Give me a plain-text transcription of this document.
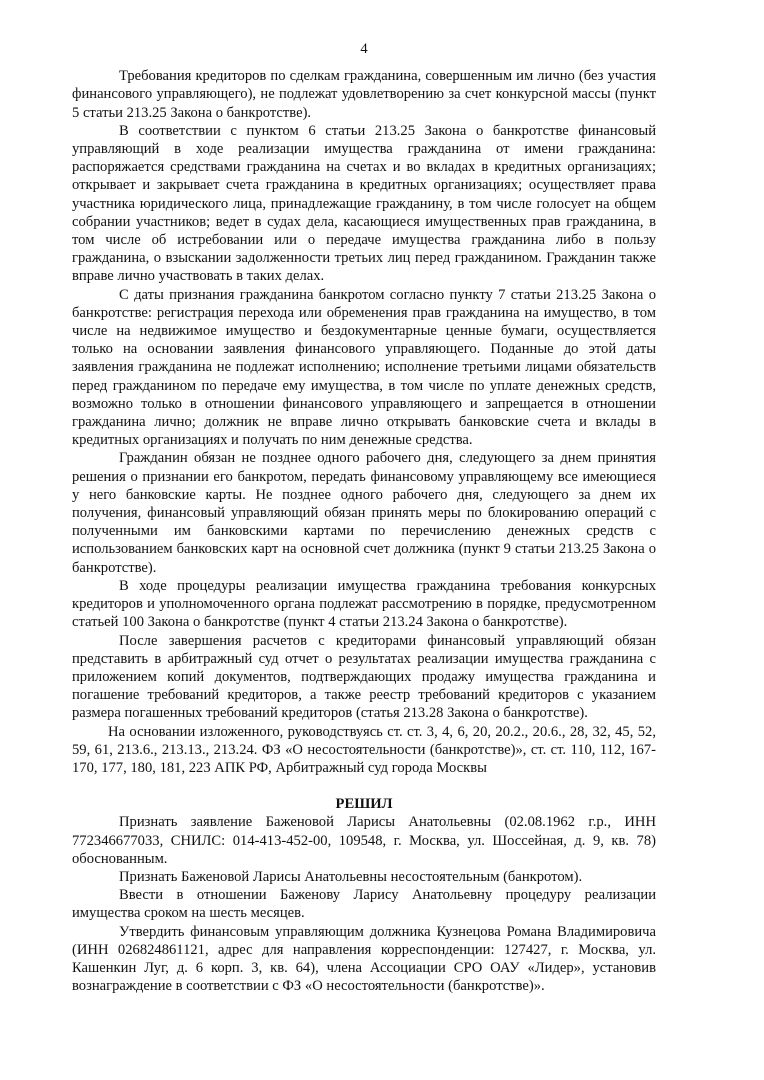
4

Требования кредиторов по сделкам гражданина, совершенным им лично (без участия финансового управляющего), не подлежат удовлетворению за счет конкурсной массы (пункт 5 статьи 213.25 Закона о банкротстве).

В соответствии с пунктом 6 статьи 213.25 Закона о банкротстве финансовый управляющий в ходе реализации имущества гражданина от имени гражданина: распоряжается средствами гражданина на счетах и во вкладах в кредитных организациях; открывает и закрывает счета гражданина в кредитных организациях; осуществляет права участника юридического лица, принадлежащие гражданину, в том числе голосует на общем собрании участников; ведет в судах дела, касающиеся имущественных прав гражданина, в том числе об истребовании или о передаче имущества гражданина либо в пользу гражданина, о взыскании задолженности третьих лиц перед гражданином. Гражданин также вправе лично участвовать в таких делах.

С даты признания гражданина банкротом согласно пункту 7 статьи 213.25 Закона о банкротстве: регистрация перехода или обременения прав гражданина на имущество, в том числе на недвижимое имущество и бездокументарные ценные бумаги, осуществляется только на основании заявления финансового управляющего. Поданные до этой даты заявления гражданина не подлежат исполнению; исполнение третьими лицами обязательств перед гражданином по передаче ему имущества, в том числе по уплате денежных средств, возможно только в отношении финансового управляющего и запрещается в отношении гражданина лично; должник не вправе лично открывать банковские счета и вклады в кредитных организациях и получать по ним денежные средства.

Гражданин обязан не позднее одного рабочего дня, следующего за днем принятия решения о признании его банкротом, передать финансовому управляющему все имеющиеся у него банковские карты. Не позднее одного рабочего дня, следующего за днем их получения, финансовый управляющий обязан принять меры по блокированию операций с полученными им банковскими картами по перечислению денежных средств с использованием банковских карт на основной счет должника (пункт 9 статьи 213.25 Закона о банкротстве).

В ходе процедуры реализации имущества гражданина требования конкурсных кредиторов и уполномоченного органа подлежат рассмотрению в порядке, предусмотренном статьей 100 Закона о банкротстве (пункт 4 статьи 213.24 Закона о банкротстве).

После завершения расчетов с кредиторами финансовый управляющий обязан представить в арбитражный суд отчет о результатах реализации имущества гражданина с приложением копий документов, подтверждающих продажу имущества гражданина и погашение требований кредиторов, а также реестр требований кредиторов с указанием размера погашенных требований кредиторов (статья 213.28 Закона о банкротстве).

На основании изложенного, руководствуясь ст. ст. 3, 4, 6, 20, 20.2., 20.6., 28, 32, 45, 52, 59, 61, 213.6., 213.13., 213.24. ФЗ «О несостоятельности (банкротстве)», ст. ст. 110, 112, 167-170, 177, 180, 181, 223 АПК РФ, Арбитражный суд города Москвы

РЕШИЛ

Признать заявление Баженовой Ларисы Анатольевны (02.08.1962 г.р., ИНН 772346677033, СНИЛС: 014-413-452-00, 109548, г. Москва, ул. Шоссейная, д. 9, кв. 78) обоснованным.

Признать Баженовой Ларисы Анатольевны несостоятельным (банкротом).

Ввести в отношении Баженову Ларису Анатольевну процедуру реализации имущества сроком на шесть месяцев.

Утвердить финансовым управляющим должника Кузнецова Романа Владимировича (ИНН 026824861121, адрес для направления корреспонденции: 127427, г. Москва, ул. Кашенкин Луг, д. 6 корп. 3, кв. 64), члена Ассоциации СРО ОАУ «Лидер», установив вознаграждение в соответствии с ФЗ «О несостоятельности (банкротстве)».
